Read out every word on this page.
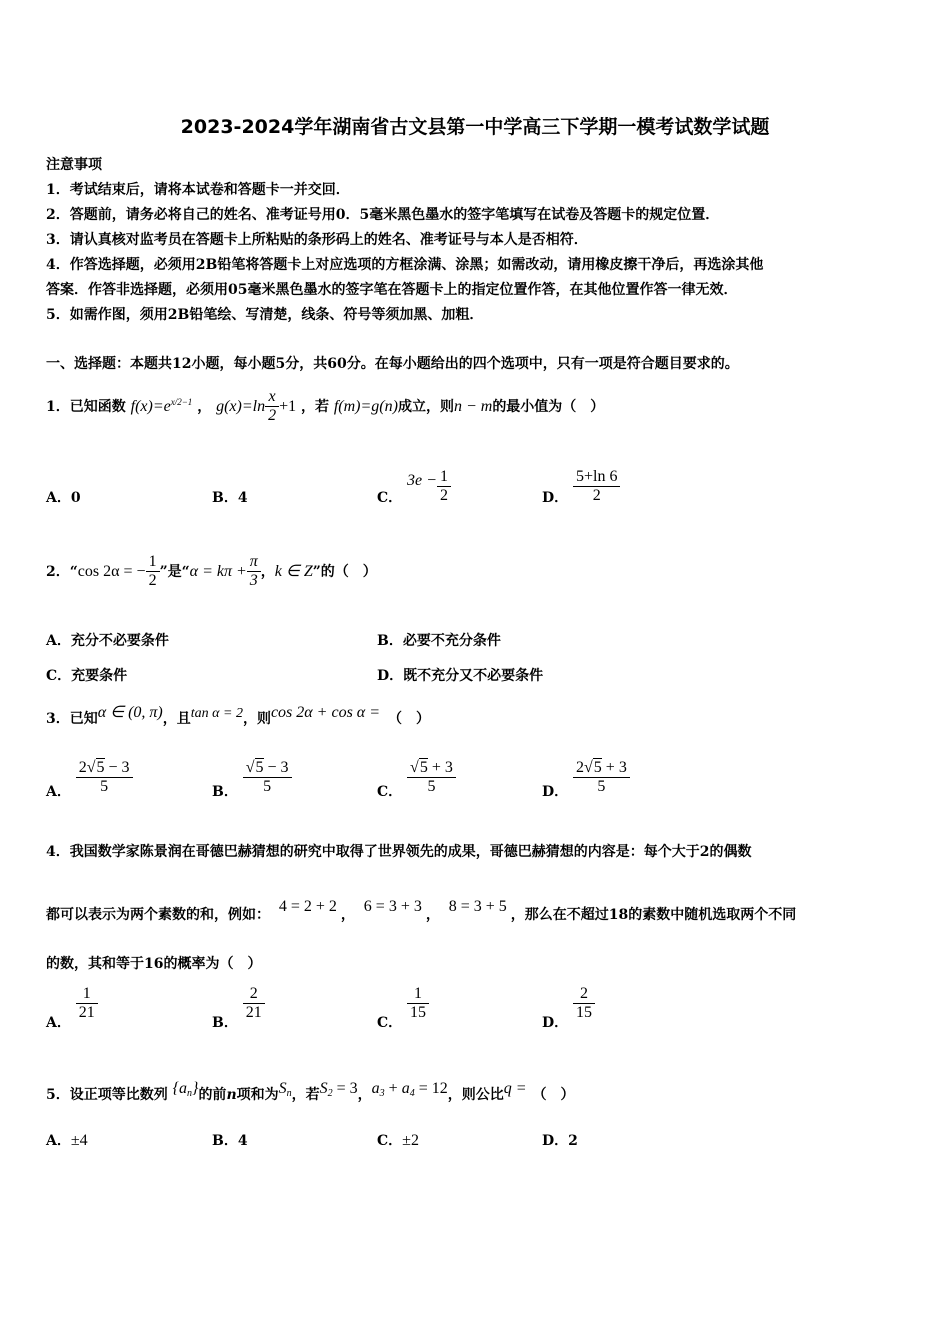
2023-2024学年湖南省古文县第一中学高三下学期一模考试数学试题
注意事项
1．考试结束后，请将本试卷和答题卡一并交回．
2．答题前，请务必将自己的姓名、准考证号用0．5毫米黑色墨水的签字笔填写在试卷及答题卡的规定位置．
3．请认真核对监考员在答题卡上所粘贴的条形码上的姓名、准考证号与本人是否相符．
4．作答选择题，必须用2B铅笔将答题卡上对应选项的方框涂满、涂黑；如需改动，请用橡皮擦干净后，再选涂其他
答案．作答非选择题，必须用05毫米黑色墨水的签字笔在答题卡上的指定位置作答，在其他位置作答一律无效．
5．如需作图，须用2B铅笔绘、写清楚，线条、符号等须加黑、加粗．
一、选择题：本题共12小题，每小题5分，共60分。在每小题给出的四个选项中，只有一项是符合题目要求的。
1．已知函数 $f(x)=e^{x/2-1}$ ， $g(x)=\ln \frac{x}{2} +1$ ，若 f(m)=g(n)成立，则n − m的最小值为（　）
A．0	B．4	C． $3e - \frac{1}{2}$	D． $\frac{5+\ln 6}{2}$
2．“cos 2α = − $\frac{1}{2}$ ”是“$\alpha = k\pi + \frac{\pi}{3}$ ，k ∈ Z”的（　）
A．充分不必要条件	B．必要不充分条件
C．充要条件	D．既不充分又不必要条件
3．已知α ∈ (0, π)，且tan α = 2，则cos 2α + cos α = （　）
A． $\frac{2√5 - 3}{5}$	B． $\frac{√5 - 3}{5}$	C． $\frac{√5 + 3}{5}$	D． $\frac{2√5 + 3}{5}$
4．我国数学家陈景润在哥德巴赫猜想的研究中取得了世界领先的成果，哥德巴赫猜想的内容是：每个大于2的偶数
都可以表示为两个素数的和，例如： 4 = 2 + 2 ， 6 = 3 + 3 ， 8 = 3 + 5 ，那么在不超过18的素数中随机选取两个不同
的数，其和等于16的概率为（　）
A．
$\frac{1}{21}$
B．
$\frac{2}{21}$
C．
$\frac{1}{15}$
D．
$\frac{2}{15}$
5．设正项等比数列 $\{a_n\}$的前n项和为$S_n$，若$S_2 = 3$，$a_3 + a_4 = 12$，则公比q = （　）
A．±4	B．4	C．±2	D．2
